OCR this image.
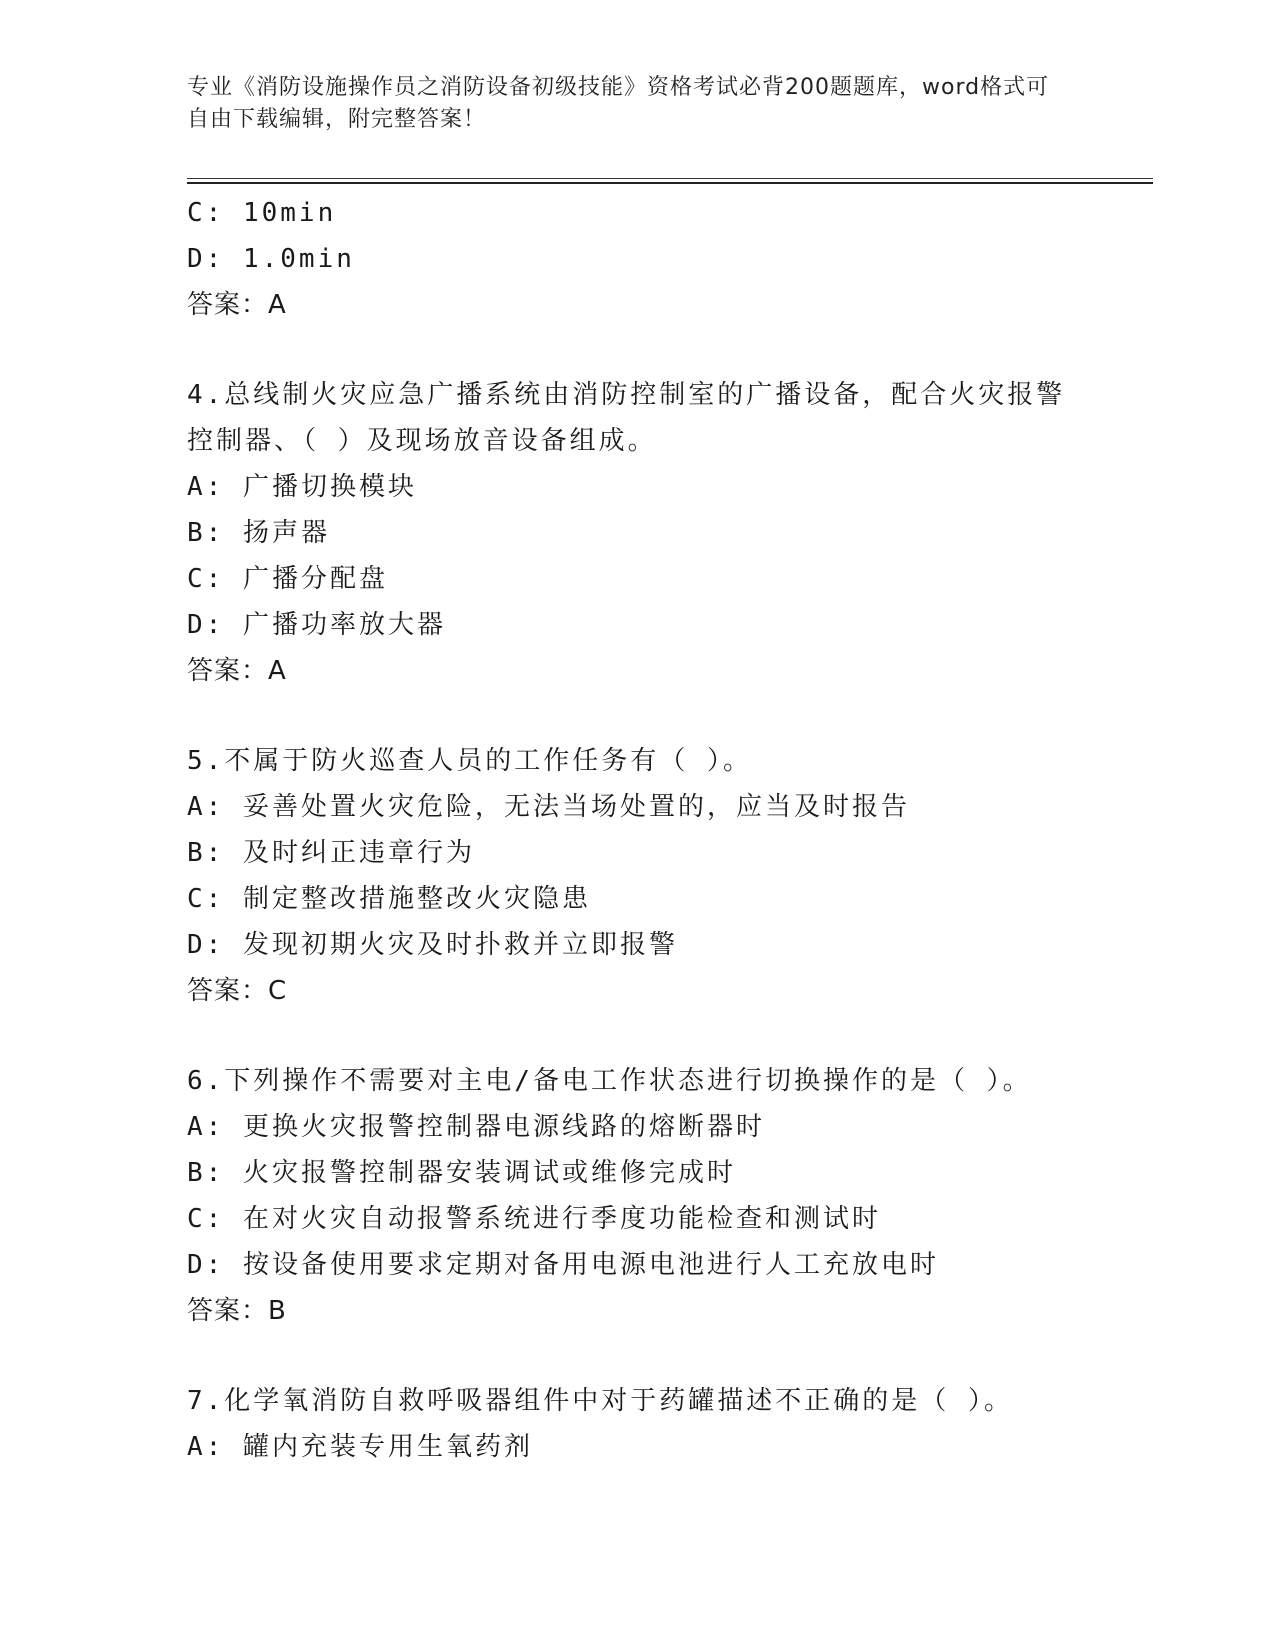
专业《消防设施操作员之消防设备初级技能》资格考试必背200题题库，word格式可自由下载编辑，附完整答案！
C: 10min
D: 1.0min
答案：A
4.总线制火灾应急广播系统由消防控制室的广播设备，配合火灾报警
控制器、（ ）及现场放音设备组成。
A: 广播切换模块
B: 扬声器
C: 广播分配盘
D: 广播功率放大器
答案：A
5.不属于防火巡查人员的工作任务有（ ）。
A: 妥善处置火灾危险，无法当场处置的，应当及时报告
B: 及时纠正违章行为
C: 制定整改措施整改火灾隐患
D: 发现初期火灾及时扑救并立即报警
答案：C
6.下列操作不需要对主电/备电工作状态进行切换操作的是（ ）。
A: 更换火灾报警控制器电源线路的熔断器时
B: 火灾报警控制器安装调试或维修完成时
C: 在对火灾自动报警系统进行季度功能检查和测试时
D: 按设备使用要求定期对备用电源电池进行人工充放电时
答案：B
7.化学氧消防自救呼吸器组件中对于药罐描述不正确的是（ ）。
A: 罐内充装专用生氧药剂
